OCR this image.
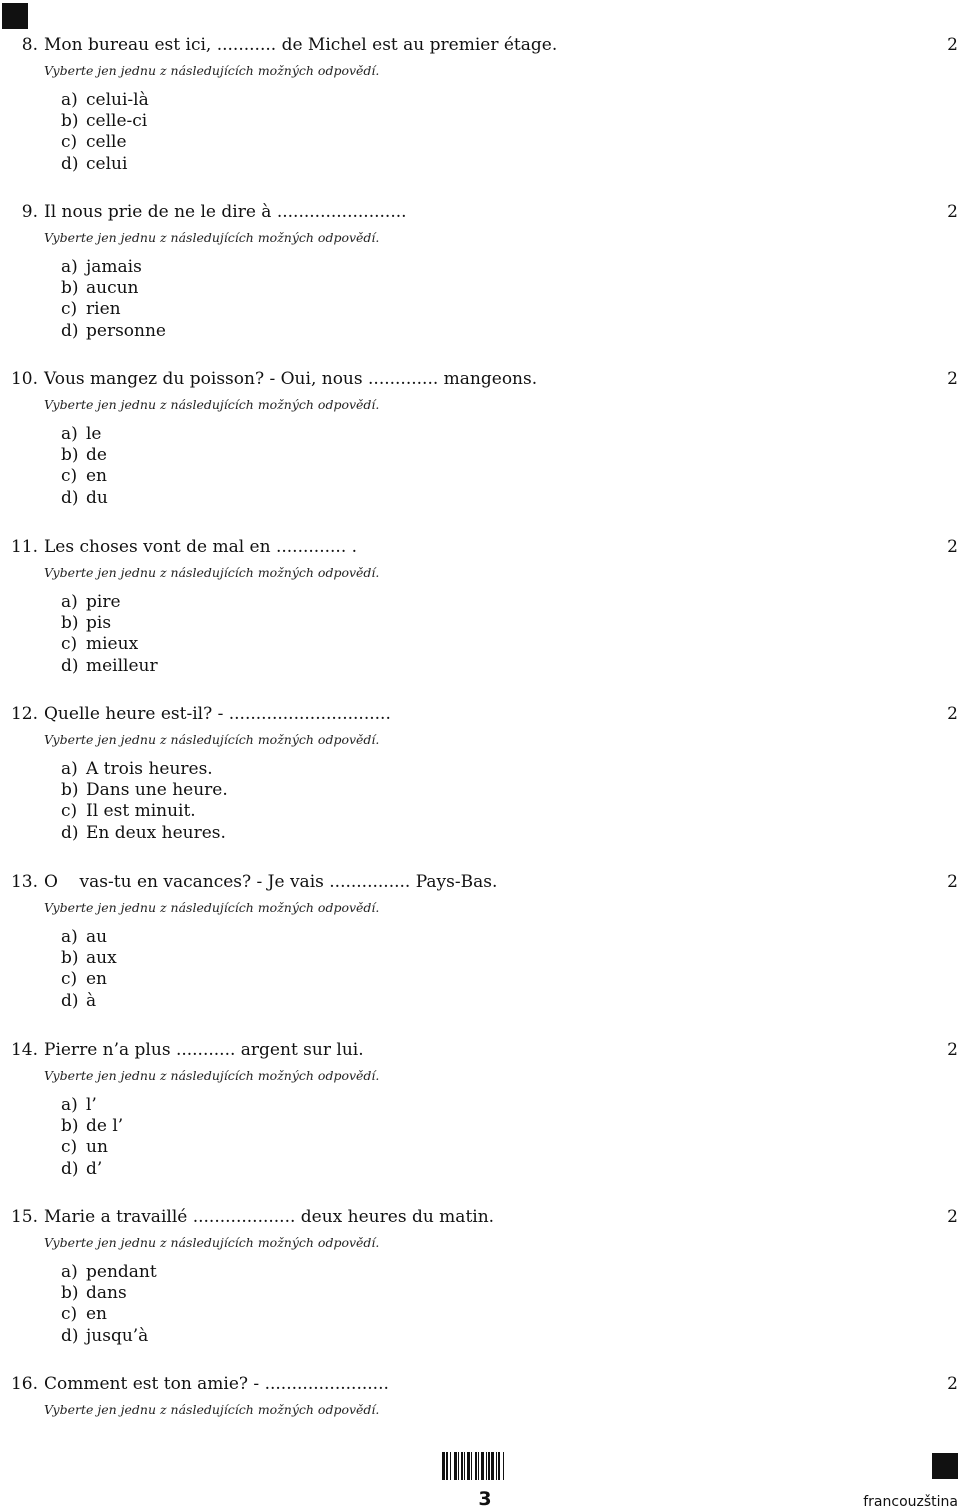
8. Mon bureau est ici, ........... de Michel est au premier étage.	2
Vyberte jen jednu z následujících možných odpovědí.
a) celui-là
b) celle-ci
c) celle
d) celui
9. Il nous prie de ne le dire à ........................	2
Vyberte jen jednu z následujících možných odpovědí.
a) jamais
b) aucun
c) rien
d) personne
10. Vous mangez du poisson? - Oui, nous ............. mangeons.	2
Vyberte jen jednu z následujících možných odpovědí.
a) le
b) de
c) en
d) du
11. Les choses vont de mal en ............. .	2
Vyberte jen jednu z následujících možných odpovědí.
a) pire
b) pis
c) mieux
d) meilleur
12. Quelle heure est-il? - ..............................	2
Vyberte jen jednu z následujících možných odpovědí.
a) A trois heures.
b) Dans une heure.
c) Il est minuit.
d) En deux heures.
13. O    vas-tu en vacances? - Je vais ............... Pays-Bas.	2
Vyberte jen jednu z následujících možných odpovědí.
a) au
b) aux
c) en
d) à
14. Pierre n’a plus ........... argent sur lui.	2
Vyberte jen jednu z následujících možných odpovědí.
a) l’
b) de l’
c) un
d) d’
15. Marie a travaillé ................... deux heures du matin.	2
Vyberte jen jednu z následujících možných odpovědí.
a) pendant
b) dans
c) en
d) jusqu’à
16. Comment est ton amie? - .......................	2
Vyberte jen jednu z následujících možných odpovědí.
3	francouzština
